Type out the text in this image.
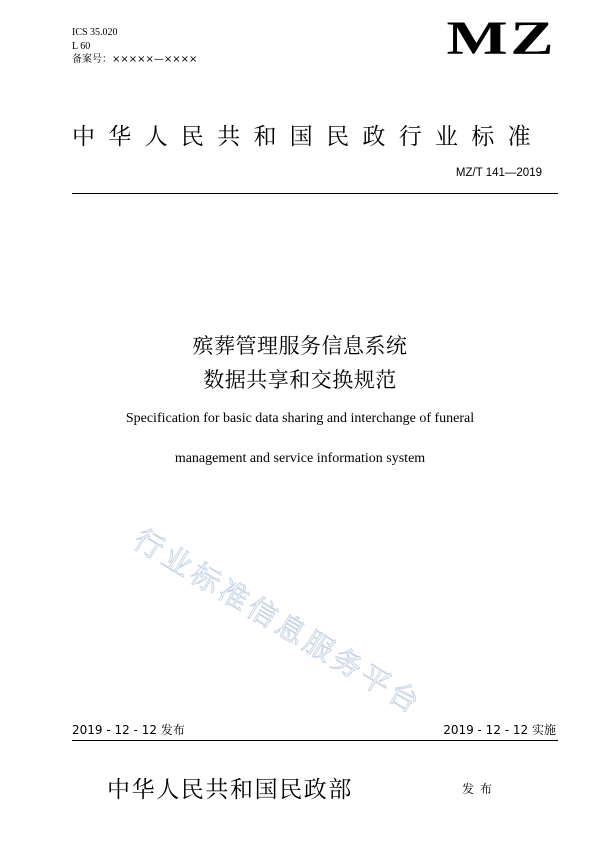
ICS 35.020
L 60
备案号：×××××—××××	MZ
中华人民共和国民政行业标准
MZ/T 141—2019
殡葬管理服务信息系统
数据共享和交换规范
Specification for basic data sharing and interchange of funeral
management and service information system
行业标准信息服务平台
2019 - 12 - 12 发布	2019 - 12 - 12 实施
中华人民共和国民政部	发布
